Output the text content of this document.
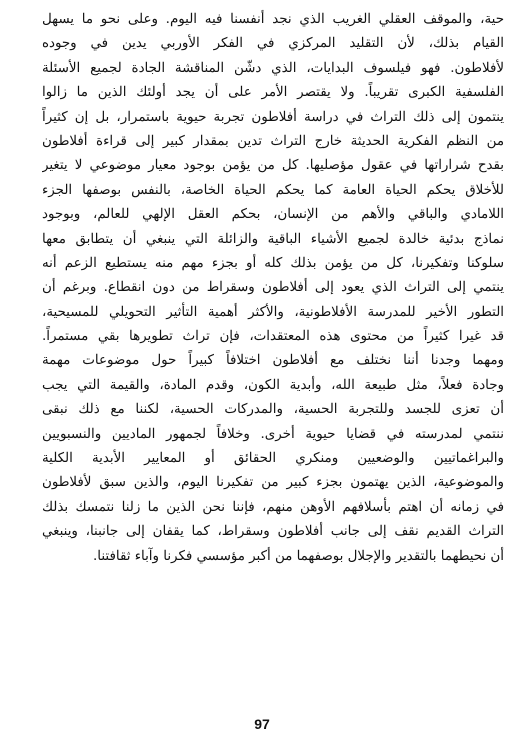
حية، والموقف العقلي الغريب الذي نجد أنفسنا فيه اليوم. وعلى نحو ما يسهل
القيام بذلك، لأن التقليد المركزي في الفكر الأوربي يدين في وجوده
لأفلاطون. فهو فيلسوف البدايات، الذي دشّن المناقشة الجادة لجميع الأسئلة
الفلسفية الكبرى تقريباً. ولا يقتصر الأمر على أن يجد أولئك الذين ما زالوا
ينتمون إلى ذلك التراث في دراسة أفلاطون تجربة حيوية باستمرار، بل إن كثيراً
من النظم الفكرية الحديثة خارج التراث تدين بمقدار كبير إلى قراءة أفلاطون
بقدح شراراتها في عقول مؤصليها. كل من يؤمن بوجود معيار موضوعي لا يتغير
للأخلاق يحكم الحياة العامة كما يحكم الحياة الخاصة، بالنفس بوصفها الجزء
اللامادي والباقي والأهم من الإنسان، بحكم العقل الإلهي للعالم، وبوجود
نماذج بدئية خالدة لجميع الأشياء الباقية والزائلة التي ينبغي أن يتطابق معها
سلوكنا وتفكيرنا، كل من يؤمن بذلك كله أو بجزء مهم منه يستطيع الزعم أنه
ينتمي إلى التراث الذي يعود إلى أفلاطون وسقراط من دون انقطاع. وبرغم أن
التطور الأخير للمدرسة الأفلاطونية، والأكثر أهمية التأثير التحويلي للمسيحية،
قد غيرا كثيراً من محتوى هذه المعتقدات، فإن تراث تطويرها بقي مستمراً.
ومهما وجدنا أننا نختلف مع أفلاطون اختلافاً كبيراً حول موضوعات مهمة
وجادة فعلاً، مثل طبيعة الله، وأبدية الكون، وقدم المادة، والقيمة التي يجب
أن تعزى للجسد وللتجربة الحسية، والمدركات الحسية، لكننا مع ذلك نبقى
ننتمي لمدرسته في قضايا حيوية أخرى. وخلافاً لجمهور الماديين والنسبويين
والبراغماتيين والوضعيين ومنكري الحقائق أو المعايير الأبدية الكلية
والموضوعية، الذين يهتمون بجزء كبير من تفكيرنا اليوم، والذين سبق لأفلاطون
في زمانه أن اهتم بأسلافهم الأوهن منهم، فإننا نحن الذين ما زلنا نتمسك بذلك
التراث القديم نقف إلى جانب أفلاطون وسقراط، كما يقفان إلى جانبنا، وينبغي
أن نحيطهما بالتقدير والإجلال بوصفهما من أكبر مؤسسي فكرنا وآباء ثقافتنا.
97
